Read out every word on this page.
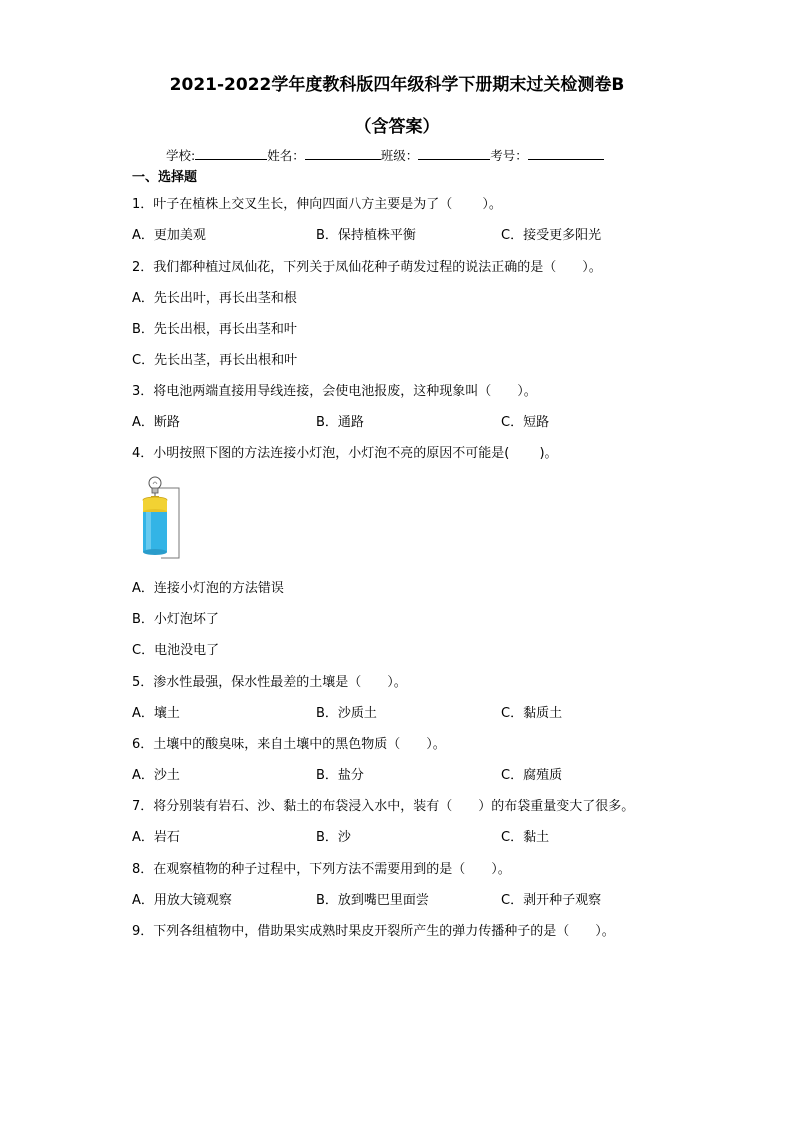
2021-2022学年度教科版四年级科学下册期末过关检测卷B
（含答案）
学校:	姓名：	班级：	考号：
一、选择题
1．叶子在植株上交叉生长，伸向四面八方主要是为了（　　 ）。
A．更加美观	B．保持植株平衡	C．接受更多阳光
2．我们都种植过凤仙花，下列关于凤仙花种子萌发过程的说法正确的是（　　）。
A．先长出叶，再长出茎和根
B．先长出根，再长出茎和叶
C．先长出茎，再长出根和叶
3．将电池两端直接用导线连接，会使电池报废，这种现象叫（　　）。
A．断路	B．通路	C．短路
4．小明按照下图的方法连接小灯泡，小灯泡不亮的原因不可能是(　　 )。
A．连接小灯泡的方法错误
B．小灯泡坏了
C．电池没电了
5．渗水性最强，保水性最差的土壤是（　　）。
A．壤土	B．沙质土	C．黏质土
6．土壤中的酸臭味，来自土壤中的黑色物质（　　）。
A．沙土	B．盐分	C．腐殖质
7．将分别装有岩石、沙、黏土的布袋浸入水中，装有（　　）的布袋重量变大了很多。
A．岩石	B．沙	C．黏土
8．在观察植物的种子过程中，下列方法不需要用到的是（　　）。
A．用放大镜观察	B．放到嘴巴里面尝	C．剥开种子观察
9．下列各组植物中，借助果实成熟时果皮开裂所产生的弹力传播种子的是（　　）。
